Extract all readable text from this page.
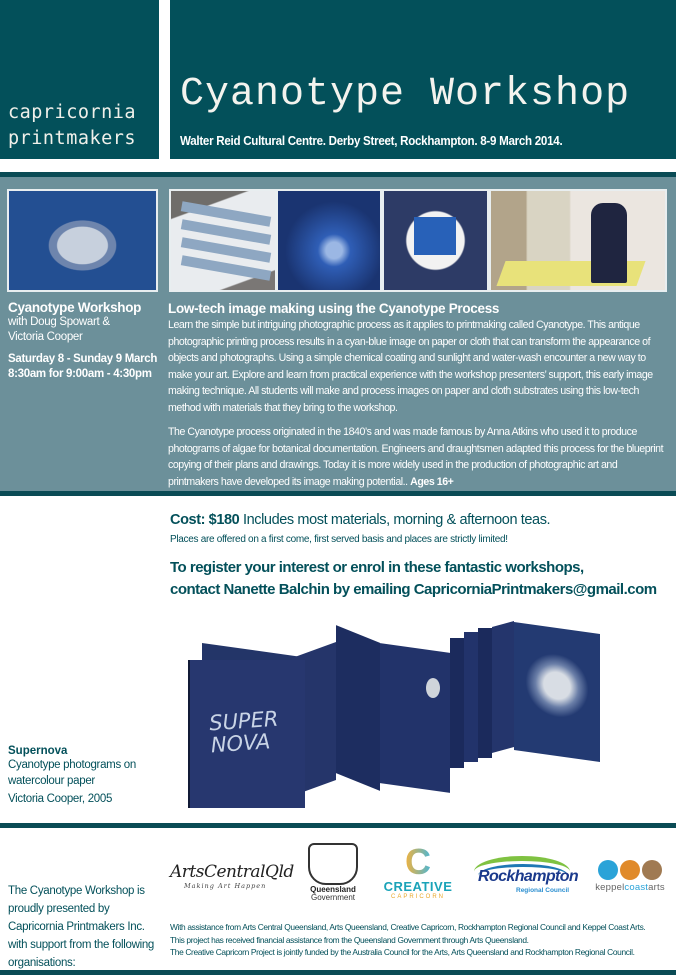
capricornia
printmakers
Cyanotype Workshop
Walter Reid Cultural Centre. Derby Street, Rockhampton. 8-9 March 2014.

Cyanotype Workshop

with Doug Spowart &
Victoria Cooper

Saturday 8 - Sunday 9 March
8:30am for 9:00am - 4:30pm

Low-tech image making using the Cyanotype Process

Learn the simple but intriguing photographic process as it applies to printmaking called Cyanotype. This antique photographic printing process results in a cyan-blue image on paper or cloth that can transform the appearance of objects and photographs. Using a simple chemical coating and sunlight and water-wash encounter a new way to make your art. Explore and learn from practical experience with the workshop presenters’ support, this early image making technique. All students will make and process images on paper and cloth substrates using this low-tech method with materials that they bring to the workshop.

The Cyanotype process originated in the 1840’s and was made famous by Anna Atkins who used it to produce photograms of algae for botanical documentation. Engineers and draughtsmen adapted this process for the blueprint copying of their plans and drawings. Today it is more widely used in the production of photographic art and printmakers have developed its image making potential.. Ages 16+

Cost: $180 Includes most materials, morning & afternoon teas.
Places are offered on a first come, first served basis and places are strictly limited!
To register your interest or enrol in these fantastic workshops,
contact Nanette Balchin by emailing CapricorniaPrintmakers@gmail.com
SUPER
NOVA
Supernova
Cyanotype photograms on watercolour paper
Victoria Cooper, 2005
The Cyanotype Workshop is proudly presented by Capricornia Printmakers Inc. with support from the following organisations:
ArtsCentralQld
Making Art Happen	Queensland
Government
C
CREATIVE
CAPRICORN
Rockhampton
Regional Council	keppelcoastarts
With assistance from Arts Central Queensland, Arts Queensland, Creative Capricorn, Rockhampton Regional Council and Keppel Coast Arts.
This project has received financial assistance from the Queensland Government through Arts Queensland.
The Creative Capricorn Project is jointly funded by the Australia Council for the Arts, Arts Queensland and Rockhampton Regional Council.
